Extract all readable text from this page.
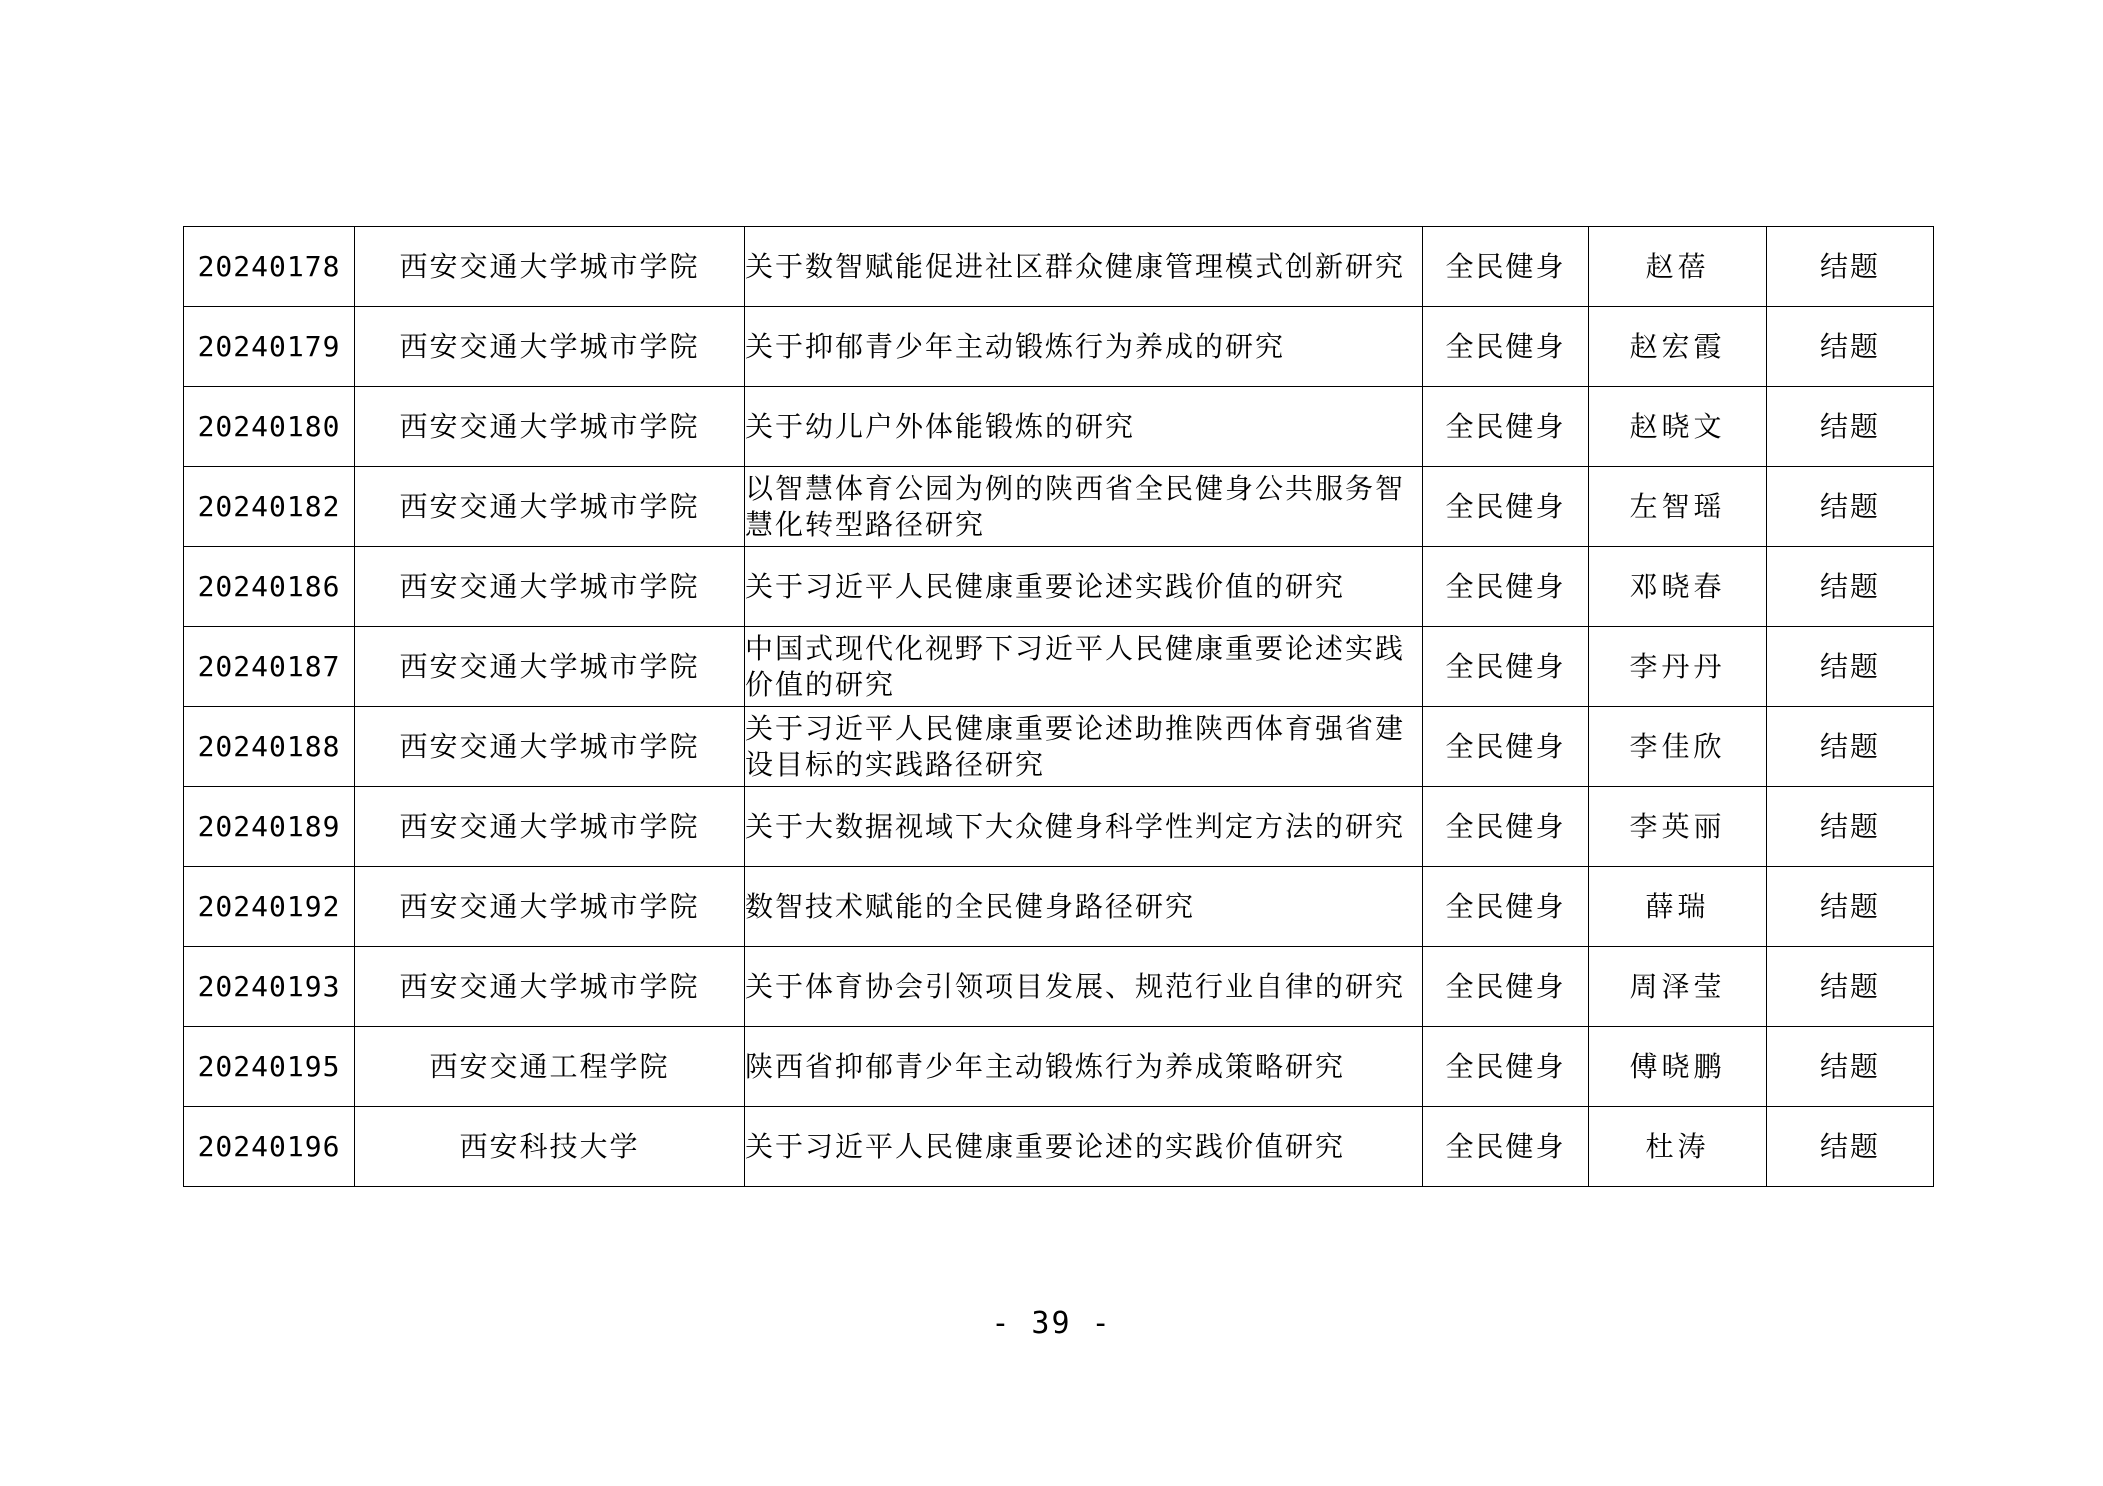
20240178	西安交通大学城市学院	关于数智赋能促进社区群众健康管理模式创新研究	全民健身	赵蓓	结题
20240179	西安交通大学城市学院	关于抑郁青少年主动锻炼行为养成的研究	全民健身	赵宏霞	结题
20240180	西安交通大学城市学院	关于幼儿户外体能锻炼的研究	全民健身	赵晓文	结题
20240182	西安交通大学城市学院	以智慧体育公园为例的陕西省全民健身公共服务智慧化转型路径研究	全民健身	左智瑶	结题
20240186	西安交通大学城市学院	关于习近平人民健康重要论述实践价值的研究	全民健身	邓晓春	结题
20240187	西安交通大学城市学院	中国式现代化视野下习近平人民健康重要论述实践价值的研究	全民健身	李丹丹	结题
20240188	西安交通大学城市学院	关于习近平人民健康重要论述助推陕西体育强省建设目标的实践路径研究	全民健身	李佳欣	结题
20240189	西安交通大学城市学院	关于大数据视域下大众健身科学性判定方法的研究	全民健身	李英丽	结题
20240192	西安交通大学城市学院	数智技术赋能的全民健身路径研究	全民健身	薛瑞	结题
20240193	西安交通大学城市学院	关于体育协会引领项目发展、规范行业自律的研究	全民健身	周泽莹	结题
20240195	西安交通工程学院	陕西省抑郁青少年主动锻炼行为养成策略研究	全民健身	傅晓鹏	结题
20240196	西安科技大学	关于习近平人民健康重要论述的实践价值研究	全民健身	杜涛	结题
- 39 -
